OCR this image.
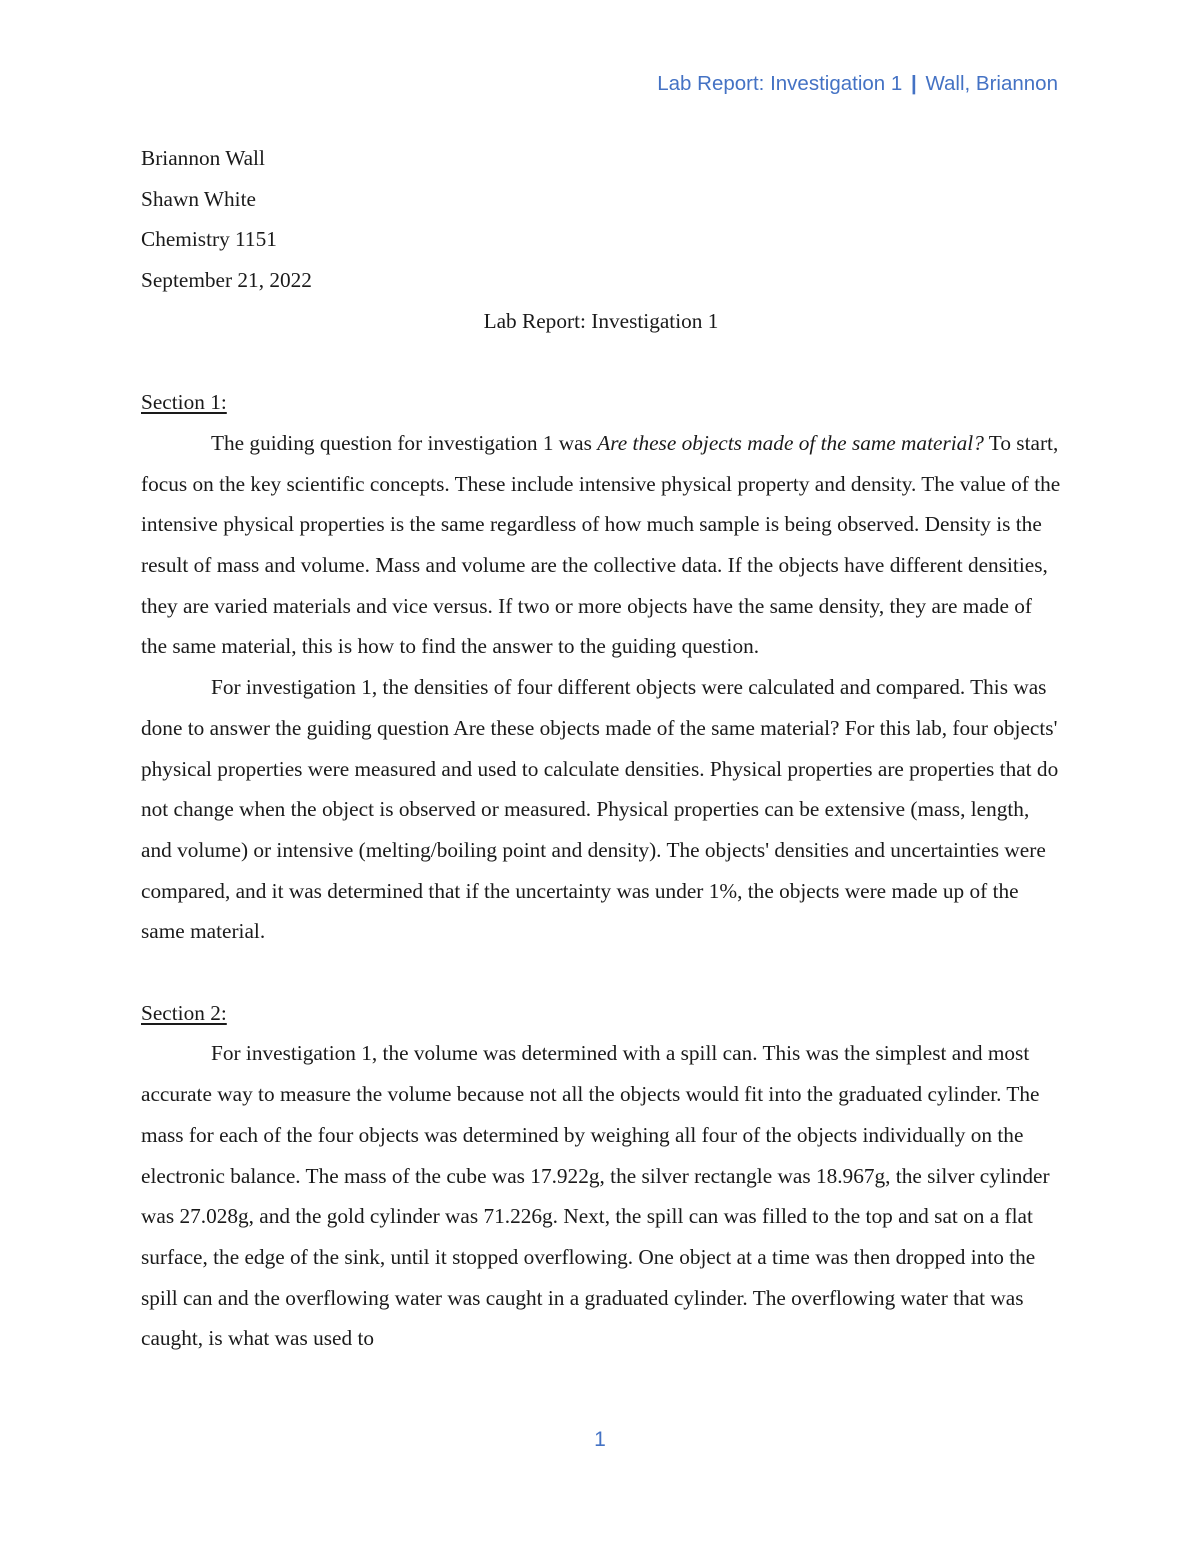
Lab Report: Investigation 1 | Wall, Briannon
Briannon Wall
Shawn White
Chemistry 1151
September 21, 2022
Lab Report: Investigation 1
Section 1:

The guiding question for investigation 1 was Are these objects made of the same material? To start, focus on the key scientific concepts. These include intensive physical property and density. The value of the intensive physical properties is the same regardless of how much sample is being observed. Density is the result of mass and volume. Mass and volume are the collective data. If the objects have different densities, they are varied materials and vice versus. If two or more objects have the same density, they are made of the same material, this is how to find the answer to the guiding question.

For investigation 1, the densities of four different objects were calculated and compared. This was done to answer the guiding question Are these objects made of the same material? For this lab, four objects' physical properties were measured and used to calculate densities. Physical properties are properties that do not change when the object is observed or measured. Physical properties can be extensive (mass, length, and volume) or intensive (melting/boiling point and density). The objects' densities and uncertainties were compared, and it was determined that if the uncertainty was under 1%, the objects were made up of the same material.

Section 2:

For investigation 1, the volume was determined with a spill can. This was the simplest and most accurate way to measure the volume because not all the objects would fit into the graduated cylinder. The mass for each of the four objects was determined by weighing all four of the objects individually on the electronic balance. The mass of the cube was 17.922g, the silver rectangle was 18.967g, the silver cylinder was 27.028g, and the gold cylinder was 71.226g. Next, the spill can was filled to the top and sat on a flat surface, the edge of the sink, until it stopped overflowing. One object at a time was then dropped into the spill can and the overflowing water was caught in a graduated cylinder. The overflowing water that was caught, is what was used to

1
